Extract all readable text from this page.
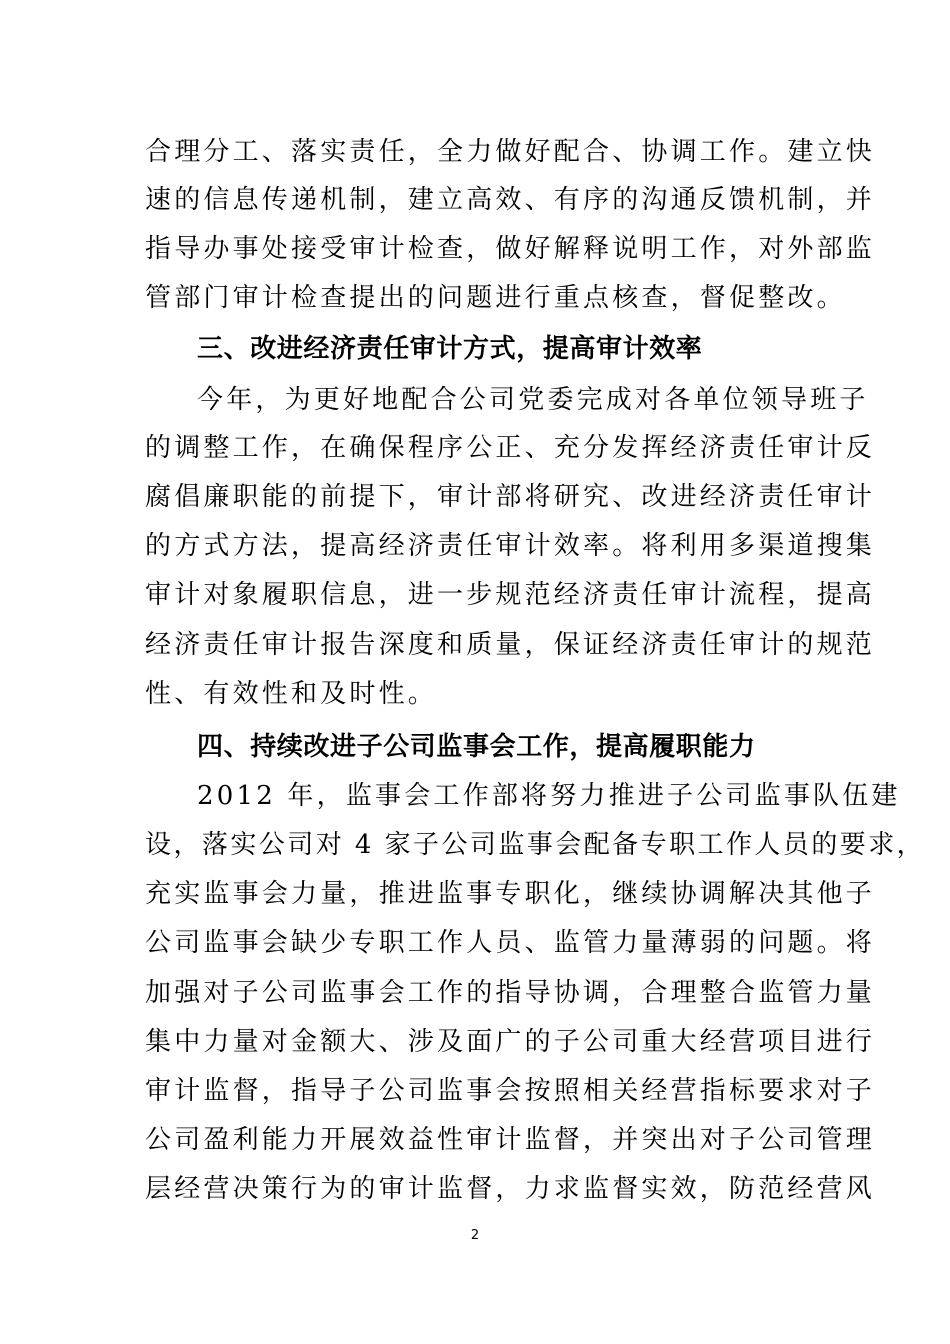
合理分工、落实责任，全力做好配合、协调工作。建立快
速的信息传递机制，建立高效、有序的沟通反馈机制，并
指导办事处接受审计检查，做好解释说明工作，对外部监
管部门审计检查提出的问题进行重点核查，督促整改。
三、改进经济责任审计方式，提高审计效率
今年，为更好地配合公司党委完成对各单位领导班子
的调整工作，在确保程序公正、充分发挥经济责任审计反
腐倡廉职能的前提下，审计部将研究、改进经济责任审计
的方式方法，提高经济责任审计效率。将利用多渠道搜集
审计对象履职信息，进一步规范经济责任审计流程，提高
经济责任审计报告深度和质量，保证经济责任审计的规范
性、有效性和及时性。
四、持续改进子公司监事会工作，提高履职能力
2012 年，监事会工作部将努力推进子公司监事队伍建
设，落实公司对 4 家子公司监事会配备专职工作人员的要求，
充实监事会力量，推进监事专职化，继续协调解决其他子
公司监事会缺少专职工作人员、监管力量薄弱的问题。将
加强对子公司监事会工作的指导协调，合理整合监管力量
集中力量对金额大、涉及面广的子公司重大经营项目进行
审计监督，指导子公司监事会按照相关经营指标要求对子
公司盈利能力开展效益性审计监督，并突出对子公司管理
层经营决策行为的审计监督，力求监督实效，防范经营风
2
